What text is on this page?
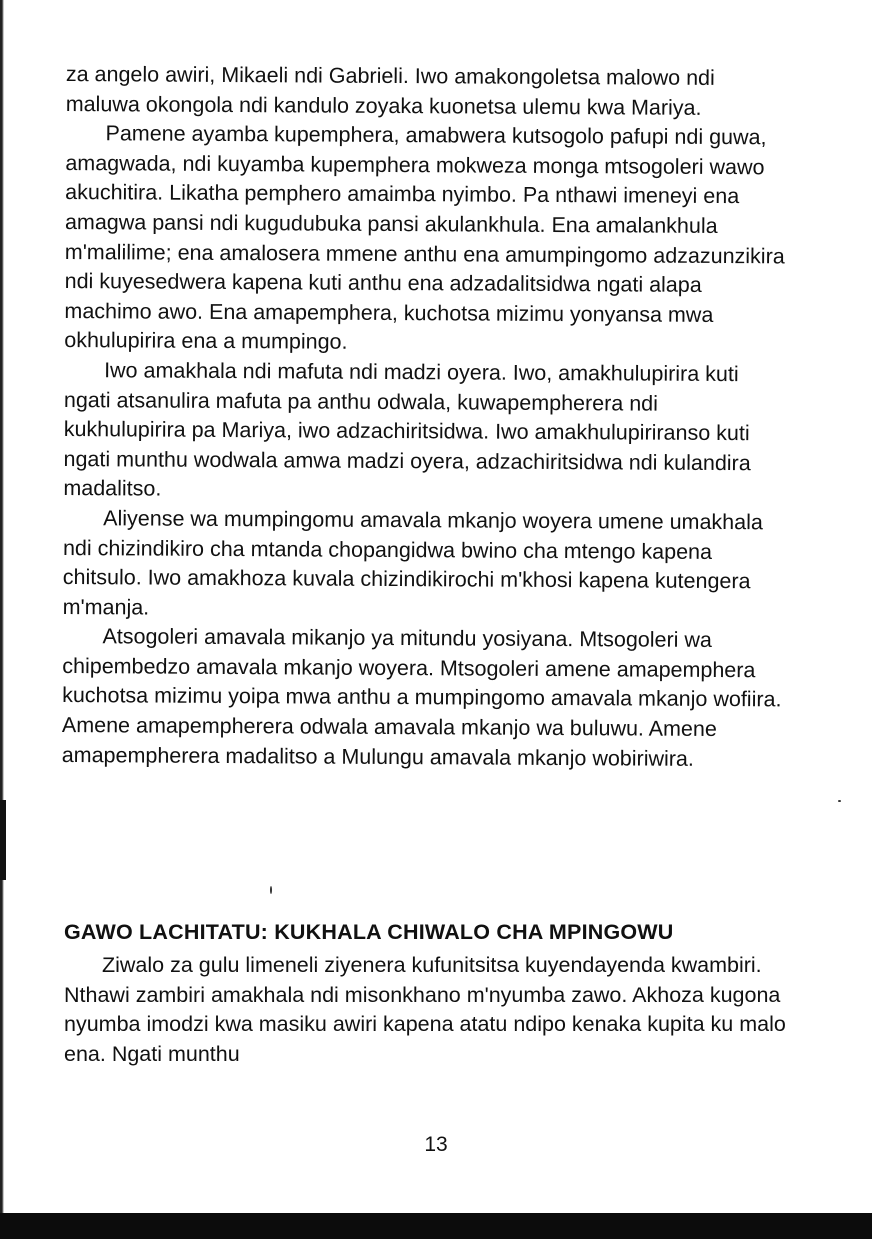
za angelo awiri, Mikaeli ndi Gabrieli. Iwo amakongoletsa malowo ndi maluwa okongola ndi kandulo zoyaka kuonetsa ulemu kwa Mariya.

Pamene ayamba kupemphera, amabwera kutsogolo pafupi ndi guwa, amagwada, ndi kuyamba kupemphera mokweza monga mtsogoleri wawo akuchitira. Likatha pemphero amaimba nyimbo. Pa nthawi imeneyi ena amagwa pansi ndi kugudubuka pansi akulankhula. Ena amalankhula m'malilime; ena amalosera mmene anthu ena amumpingomo adzazunzikira ndi kuyesedwera kapena kuti anthu ena adzadalitsidwa ngati alapa machimo awo. Ena amapemphera, kuchotsa mizimu yonyansa mwa okhulupirira ena a mumpingo.

Iwo amakhala ndi mafuta ndi madzi oyera. Iwo, amakhulupirira kuti ngati atsanulira mafuta pa anthu odwala, kuwapempherera ndi kukhulupirira pa Mariya, iwo adzachiritsidwa. Iwo amakhulupiriranso kuti ngati munthu wodwala amwa madzi oyera, adzachiritsidwa ndi kulandira madalitso.

Aliyense wa mumpingomu amavala mkanjo woyera umene umakhala ndi chizindikiro cha mtanda chopangidwa bwino cha mtengo kapena chitsulo. Iwo amakhoza kuvala chizindikirochi m'khosi kapena kutengera m'manja.

Atsogoleri amavala mikanjo ya mitundu yosiyana. Mtsogoleri wa chipembedzo amavala mkanjo woyera. Mtsogoleri amene amapemphera kuchotsa mizimu yoipa mwa anthu a mumpingomo amavala mkanjo wofiira. Amene amapempherera odwala amavala mkanjo wa buluwu. Amene amapempherera madalitso a Mulungu amavala mkanjo wobiriwira.

GAWO LACHITATU: KUKHALA CHIWALO CHA MPINGOWU

Ziwalo za gulu limeneli ziyenera kufunitsitsa kuyendayenda kwambiri. Nthawi zambiri amakhala ndi misonkhano m'nyumba zawo. Akhoza kugona nyumba imodzi kwa masiku awiri kapena atatu ndipo kenaka kupita ku malo ena. Ngati munthu

13
